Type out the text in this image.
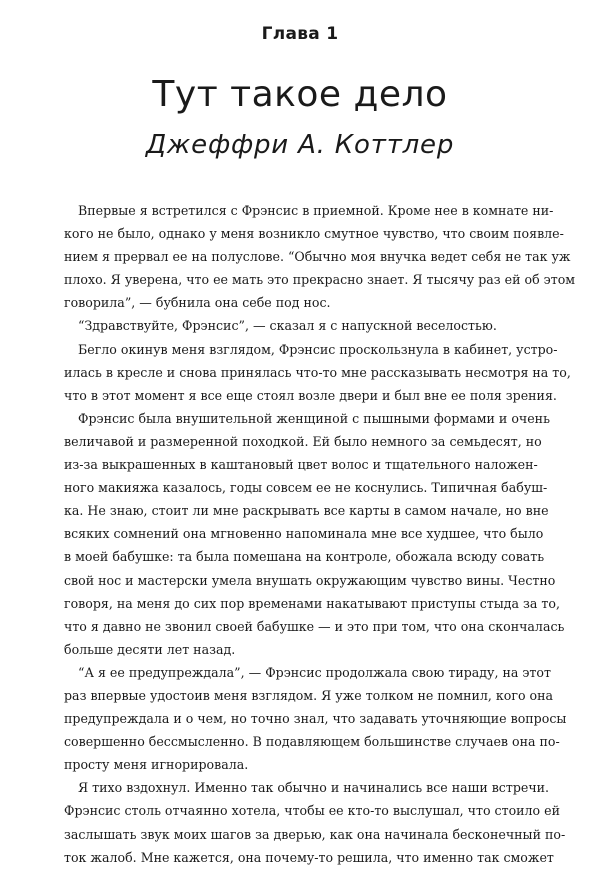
Глава 1
Тут такое дело
Джеффри А. Коттлер
Впервые я встретился с Фрэнсис в приемной. Кроме нее в комнате ни-
кого не было, однако у меня возникло смутное чувство, что своим появле-
нием я прервал ее на полуслове. “Обычно моя внучка ведет себя не так уж
плохо. Я уверена, что ее мать это прекрасно знает. Я тысячу раз ей об этом
говорила”, — бубнила она себе под нос.
“Здравствуйте, Фрэнсис”, — сказал я с напускной веселостью.
Бегло окинув меня взглядом, Фрэнсис проскользнула в кабинет, устро-
илась в кресле и снова принялась что-то мне рассказывать несмотря на то,
что в этот момент я все еще стоял возле двери и был вне ее поля зрения.
Фрэнсис была внушительной женщиной с пышными формами и очень
величавой и размеренной походкой. Ей было немного за семьдесят, но
из-за выкрашенных в каштановый цвет волос и тщательного наложен-
ного макияжа казалось, годы совсем ее не коснулись. Типичная бабуш-
ка. Не знаю, стоит ли мне раскрывать все карты в самом начале, но вне
всяких сомнений она мгновенно напоминала мне все худшее, что было
в моей бабушке: та была помешана на контроле, обожала всюду совать
свой нос и мастерски умела внушать окружающим чувство вины. Честно
говоря, на меня до сих пор временами накатывают приступы стыда за то,
что я давно не звонил своей бабушке — и это при том, что она скончалась
больше десяти лет назад.
“А я ее предупреждала”, — Фрэнсис продолжала свою тираду, на этот
раз впервые удостоив меня взглядом. Я уже толком не помнил, кого она
предупреждала и о чем, но точно знал, что задавать уточняющие вопросы
совершенно бессмысленно. В подавляющем большинстве случаев она по-
просту меня игнорировала.
Я тихо вздохнул. Именно так обычно и начинались все наши встречи.
Фрэнсис столь отчаянно хотела, чтобы ее кто-то выслушал, что стоило ей
заслышать звук моих шагов за дверью, как она начинала бесконечный по-
ток жалоб. Мне кажется, она почему-то решила, что именно так сможет
